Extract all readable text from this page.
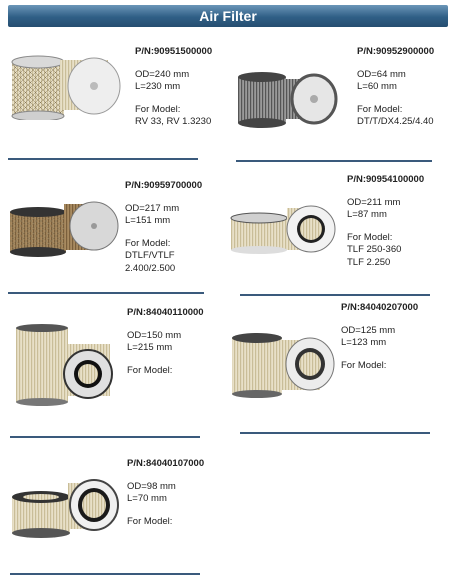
Air Filter
P/N:90951500000
OD=240 mm
L=230 mm
For Model:
RV 33, RV 1.3230
P/N:90952900000
OD=64 mm
L=60 mm
For Model:
DT/T/DX4.25/4.40
P/N:90959700000
OD=217 mm
L=151 mm
For Model:
DTLF/VTLF
2.400/2.500
P/N:90954100000
OD=211 mm
L=87 mm
For Model:
TLF 250-360
TLF 2.250
P/N:84040110000
OD=150 mm
L=215 mm
For Model:
P/N:84040207000
OD=125 mm
L=123 mm
For Model:
P/N:84040107000
OD=98 mm
L=70 mm
For Model:
